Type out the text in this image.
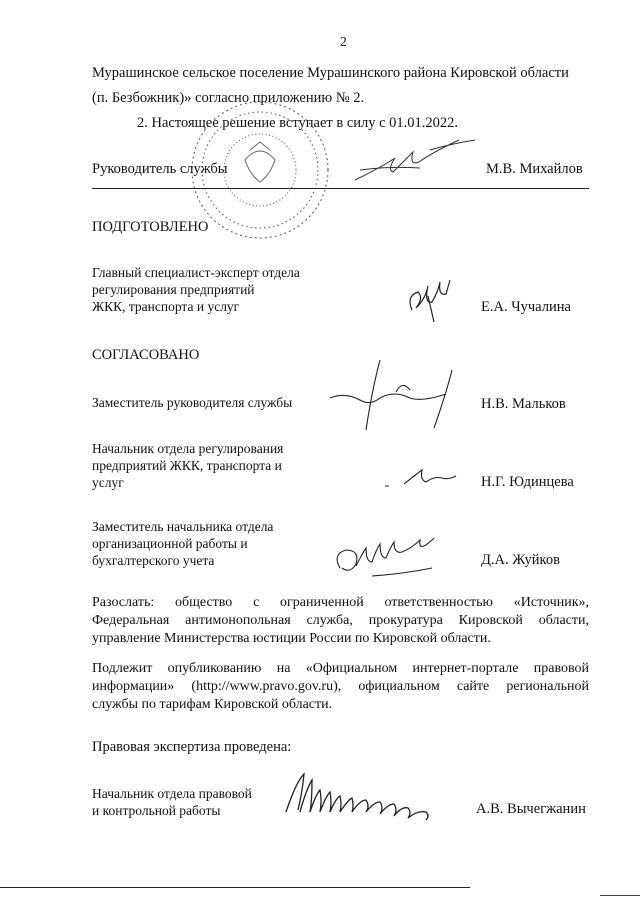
2
Мурашинское сельское поселение Мурашинского района Кировской области
(п. Безбожник)» согласно приложению № 2.
2. Настоящее решение вступает в силу с 01.01.2022.
Руководитель службы	М.В. Михайлов
ПОДГОТОВЛЕНО
Главный специалист-эксперт отдела
регулирования предприятий
ЖКК, транспорта и услуг	Е.А. Чучалина
СОГЛАСОВАНО
Заместитель руководителя службы	Н.В. Мальков
Начальник отдела регулирования
предприятий ЖКК, транспорта и
услуг	Н.Г. Юдинцева
Заместитель начальника отдела
организационной работы и
бухгалтерского учета	Д.А. Жуйков
Разослать: общество с ограниченной ответственностью «Источник»,
Федеральная антимонопольная служба, прокуратура Кировской области,
управление Министерства юстиции России по Кировской области.
Подлежит опубликованию на «Официальном интернет-портале правовой
информации» (http://www.pravo.gov.ru), официальном сайте региональной
службы по тарифам Кировской области.
Правовая экспертиза проведена:
Начальник отдела правовой
и контрольной работы	А.В. Вычегжанин
